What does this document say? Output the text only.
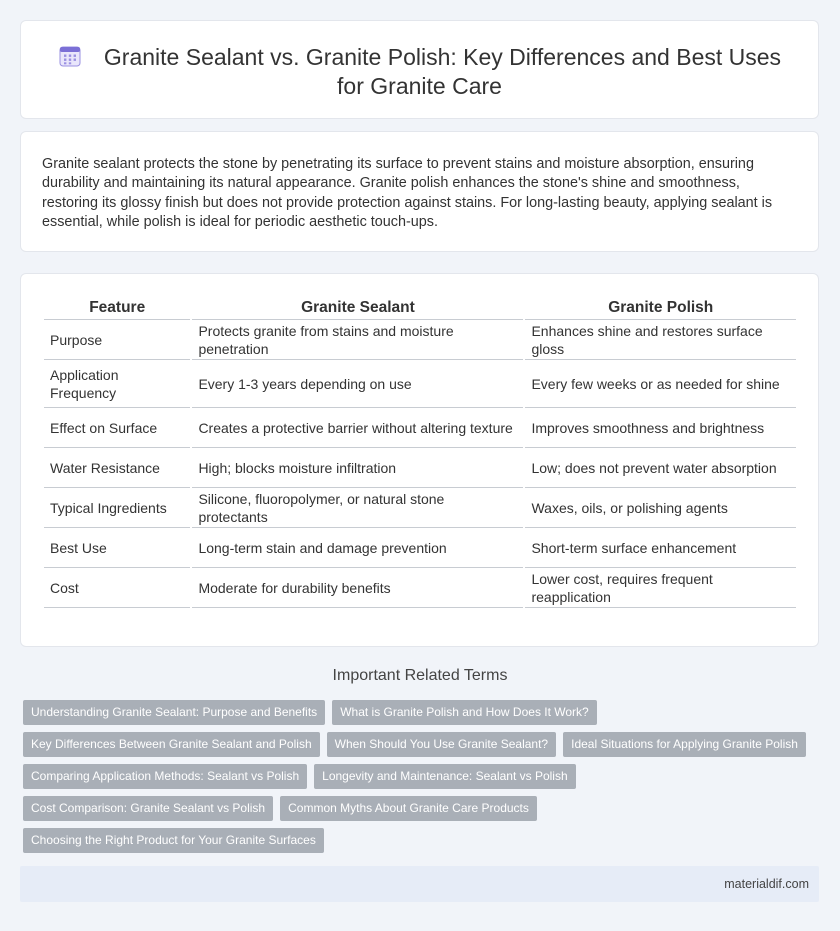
Granite Sealant vs. Granite Polish: Key Differences and Best Uses
for Granite Care

Granite sealant protects the stone by penetrating its surface to prevent stains and moisture absorption, ensuring durability and maintaining its natural appearance. Granite polish enhances the stone's shine and smoothness, restoring its glossy finish but does not provide protection against stains. For long-lasting beauty, applying sealant is essential, while polish is ideal for periodic aesthetic touch-ups.

Feature	Granite Sealant	Granite Polish
Purpose	Protects granite from stains and moisture penetration	Enhances shine and restores surface gloss
Application Frequency	Every 1-3 years depending on use	Every few weeks or as needed for shine
Effect on Surface	Creates a protective barrier without altering texture	Improves smoothness and brightness
Water Resistance	High; blocks moisture infiltration	Low; does not prevent water absorption
Typical Ingredients	Silicone, fluoropolymer, or natural stone protectants	Waxes, oils, or polishing agents
Best Use	Long-term stain and damage prevention	Short-term surface enhancement
Cost	Moderate for durability benefits	Lower cost, requires frequent reapplication
Important Related Terms
Understanding Granite Sealant: Purpose and Benefits	What is Granite Polish and How Does It Work?
Key Differences Between Granite Sealant and Polish	When Should You Use Granite Sealant?	Ideal Situations for Applying Granite Polish
Comparing Application Methods: Sealant vs Polish	Longevity and Maintenance: Sealant vs Polish
Cost Comparison: Granite Sealant vs Polish	Common Myths About Granite Care Products
Choosing the Right Product for Your Granite Surfaces
materialdif.com
